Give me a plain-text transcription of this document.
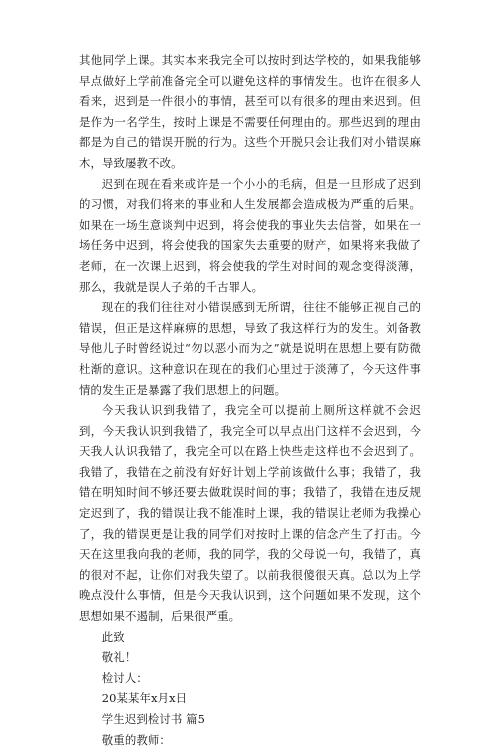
其他同学上课。其实本来我完全可以按时到达学校的，如果我能够早点做好上学前准备完全可以避免这样的事情发生。也许在很多人看来，迟到是一件很小的事情，甚至可以有很多的理由来迟到。但是作为一名学生，按时上课是不需要任何理由的。那些迟到的理由都是为自己的错误开脱的行为。这些个开脱只会让我们对小错误麻木，导致屡教不改。

迟到在现在看来或许是一个小小的毛病，但是一旦形成了迟到的习惯，对我们将来的事业和人生发展都会造成极为严重的后果。如果在一场生意谈判中迟到，将会使我的事业失去信誉，如果在一场任务中迟到，将会使我的国家失去重要的财产，如果将来我做了老师，在一次课上迟到，将会使我的学生对时间的观念变得淡薄，那么，我就是误人子弟的千古罪人。

现在的我们往往对小错误感到无所谓，往往不能够正视自己的错误，但正是这样麻痹的思想，导致了我这样行为的发生。刘备教导他儿子时曾经说过“勿以恶小而为之”就是说明在思想上要有防微杜渐的意识。这种意识在现在的我们心里过于淡薄了，今天这件事情的发生正是暴露了我们思想上的问题。

今天我认识到我错了，我完全可以提前上厕所这样就不会迟到，今天我认识到我错了，我完全可以早点出门这样不会迟到，今天我人认识我错了，我完全可以在路上快些走这样也不会迟到了。我错了，我错在之前没有好好计划上学前该做什么事；我错了，我错在明知时间不够还要去做耽误时间的事；我错了，我错在违反规定迟到了，我的错误让我不能准时上课，我的错误让老师为我操心了，我的错误更是让我的同学们对按时上课的信念产生了打击。今天在这里我向我的老师，我的同学，我的父母说一句，我错了，真的很对不起，让你们对我失望了。以前我很傻很天真。总以为上学晚点没什么事情，但是今天我认识到，这个问题如果不发现，这个思想如果不遏制，后果很严重。

此致

敬礼！

检讨人：

20某某年x月x日

学生迟到检讨书 篇5

敬重的教师：
